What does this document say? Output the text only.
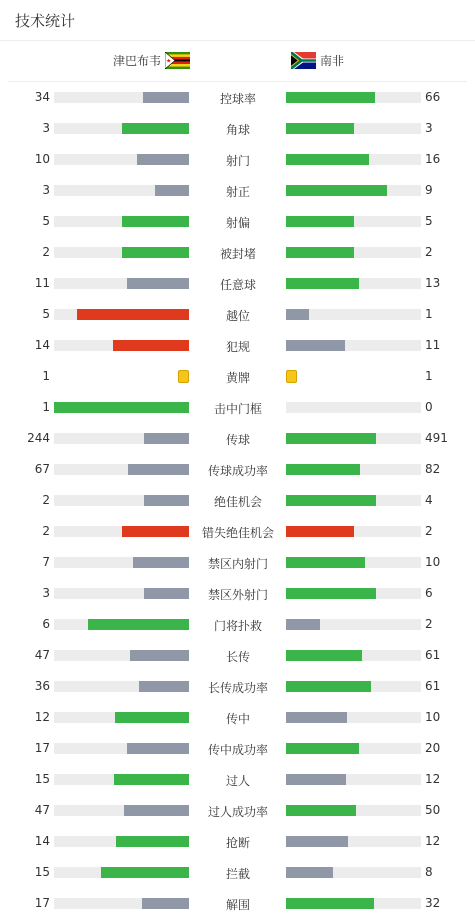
技术统计
津巴布韦	南非
34	控球率	66
3	角球	3
10	射门	16
3	射正	9
5	射偏	5
2	被封堵	2
11	任意球	13
5	越位	1
14	犯规	11
1	黄牌	1
1	击中门框	0
244	传球	491
67	传球成功率	82
2	绝佳机会	4
2	错失绝佳机会	2
7	禁区内射门	10
3	禁区外射门	6
6	门将扑救	2
47	长传	61
36	长传成功率	61
12	传中	10
17	传中成功率	20
15	过人	12
47	过人成功率	50
14	抢断	12
15	拦截	8
17	解围	32
